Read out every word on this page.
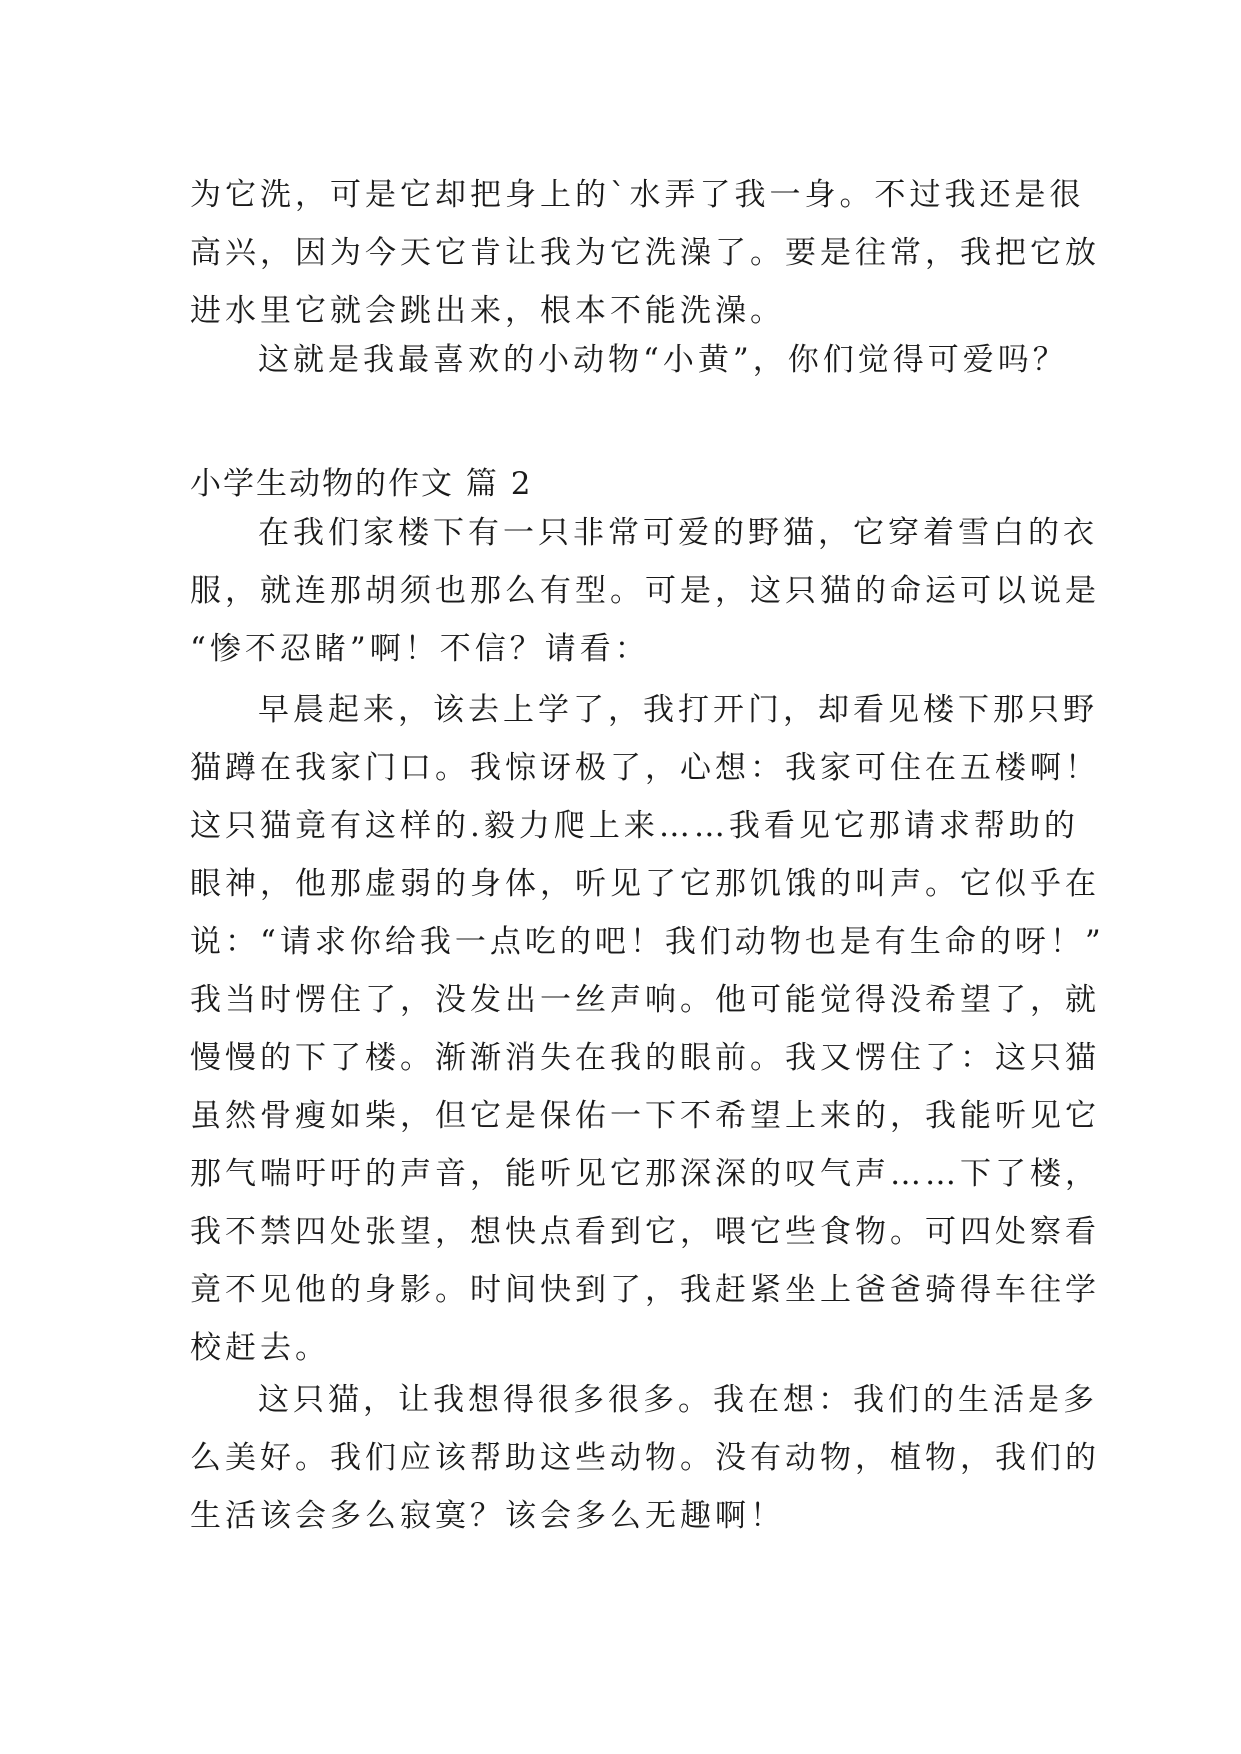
为它洗，可是它却把身上的`水弄了我一身。不过我还是很
高兴，因为今天它肯让我为它洗澡了。要是往常，我把它放
进水里它就会跳出来，根本不能洗澡。

这就是我最喜欢的小动物“小黄”，你们觉得可爱吗？

小学生动物的作文 篇 2

在我们家楼下有一只非常可爱的野猫，它穿着雪白的衣
服，就连那胡须也那么有型。可是，这只猫的命运可以说是
“惨不忍睹”啊！不信？请看：

早晨起来，该去上学了，我打开门，却看见楼下那只野
猫蹲在我家门口。我惊讶极了，心想：我家可住在五楼啊！
这只猫竟有这样的.毅力爬上来……我看见它那请求帮助的
眼神，他那虚弱的身体，听见了它那饥饿的叫声。它似乎在
说：“请求你给我一点吃的吧！我们动物也是有生命的呀！”
我当时愣住了，没发出一丝声响。他可能觉得没希望了，就
慢慢的下了楼。渐渐消失在我的眼前。我又愣住了：这只猫
虽然骨瘦如柴，但它是保佑一下不希望上来的，我能听见它
那气喘吁吁的声音，能听见它那深深的叹气声……下了楼，
我不禁四处张望，想快点看到它，喂它些食物。可四处察看
竟不见他的身影。时间快到了，我赶紧坐上爸爸骑得车往学
校赶去。

这只猫，让我想得很多很多。我在想：我们的生活是多
么美好。我们应该帮助这些动物。没有动物，植物，我们的
生活该会多么寂寞？该会多么无趣啊！
